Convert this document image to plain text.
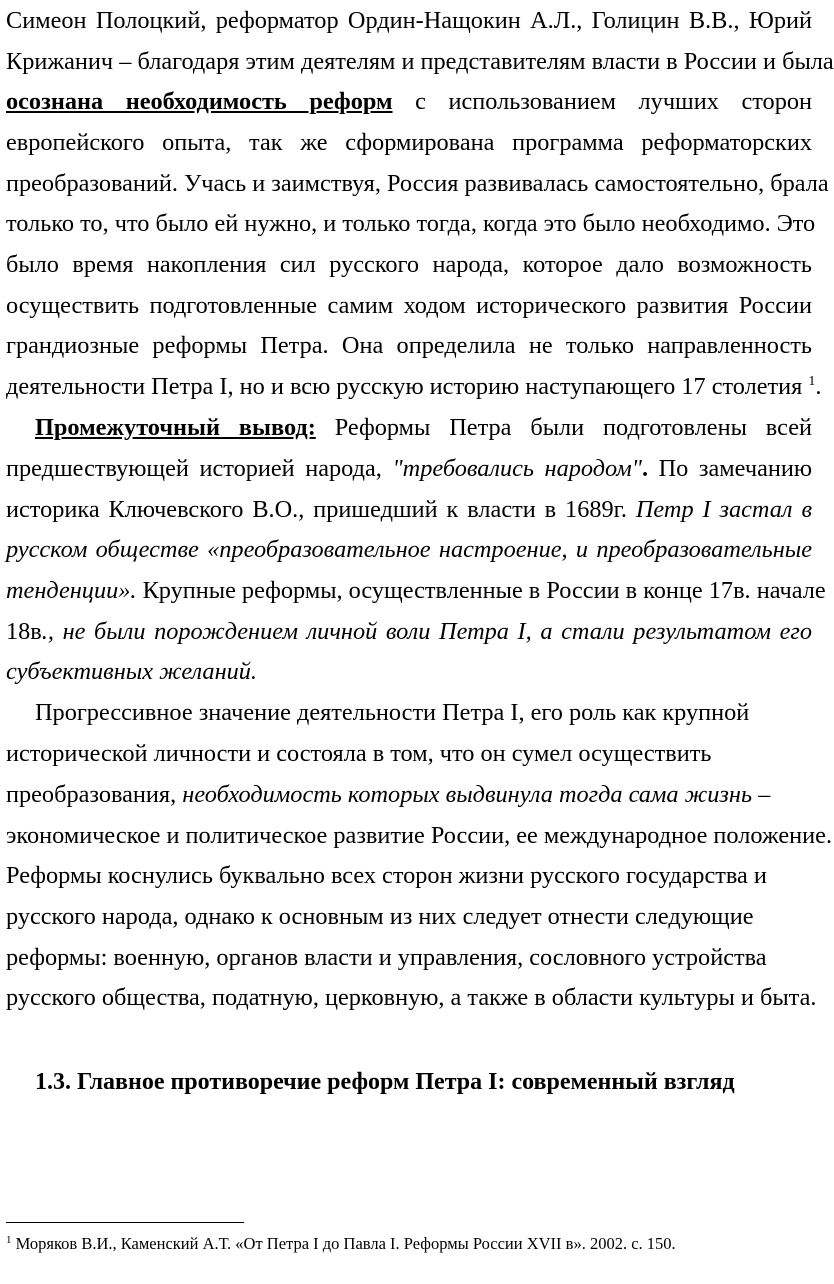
Симеон Полоцкий, реформатор Ордин-Нащокин А.Л., Голицин В.В., Юрий
Крижанич – благодаря этим деятелям и представителям власти в России и была
осознана необходимость реформ с использованием лучших сторон
европейского опыта, так же сформирована программа реформаторских
преобразований. Учась и заимствуя, Россия развивалась самостоятельно, брала
только то, что было ей нужно, и только тогда, когда это было необходимо. Это
было время накопления сил русского народа, которое дало возможность
осуществить подготовленные самим ходом исторического развития России
грандиозные реформы Петра. Она определила не только направленность
деятельности Петра I, но и всю русскую историю наступающего 17 столетия $^1$.
Промежуточный вывод: Реформы Петра были подготовлены всей
предшествующей историей народа, "требовались народом". По замечанию
историка Ключевского В.О., пришедший к власти в 1689г. Петр I застал в
русском обществе «преобразовательное настроение, и преобразовательные
тенденции». Крупные реформы, осуществленные в России в конце 17в. начале
18в., не были порождением личной воли Петра I, а стали результатом его
субъективных желаний.
Прогрессивное значение деятельности Петра I, его роль как крупной
исторической личности и состояла в том, что он сумел осуществить
преобразования, необходимость которых выдвинула тогда сама жизнь –
экономическое и политическое развитие России, ее международное положение.
Реформы коснулись буквально всех сторон жизни русского государства и
русского народа, однако к основным из них следует отнести следующие
реформы: военную, органов власти и управления, сословного устройства
русского общества, податную, церковную, а также в области культуры и быта.
1.3. Главное противоречие реформ Петра I: современный взгляд
$^1$ Моряков В.И., Каменский А.Т. «От Петра I до Павла I. Реформы России XVII в». 2002. с. 150.
